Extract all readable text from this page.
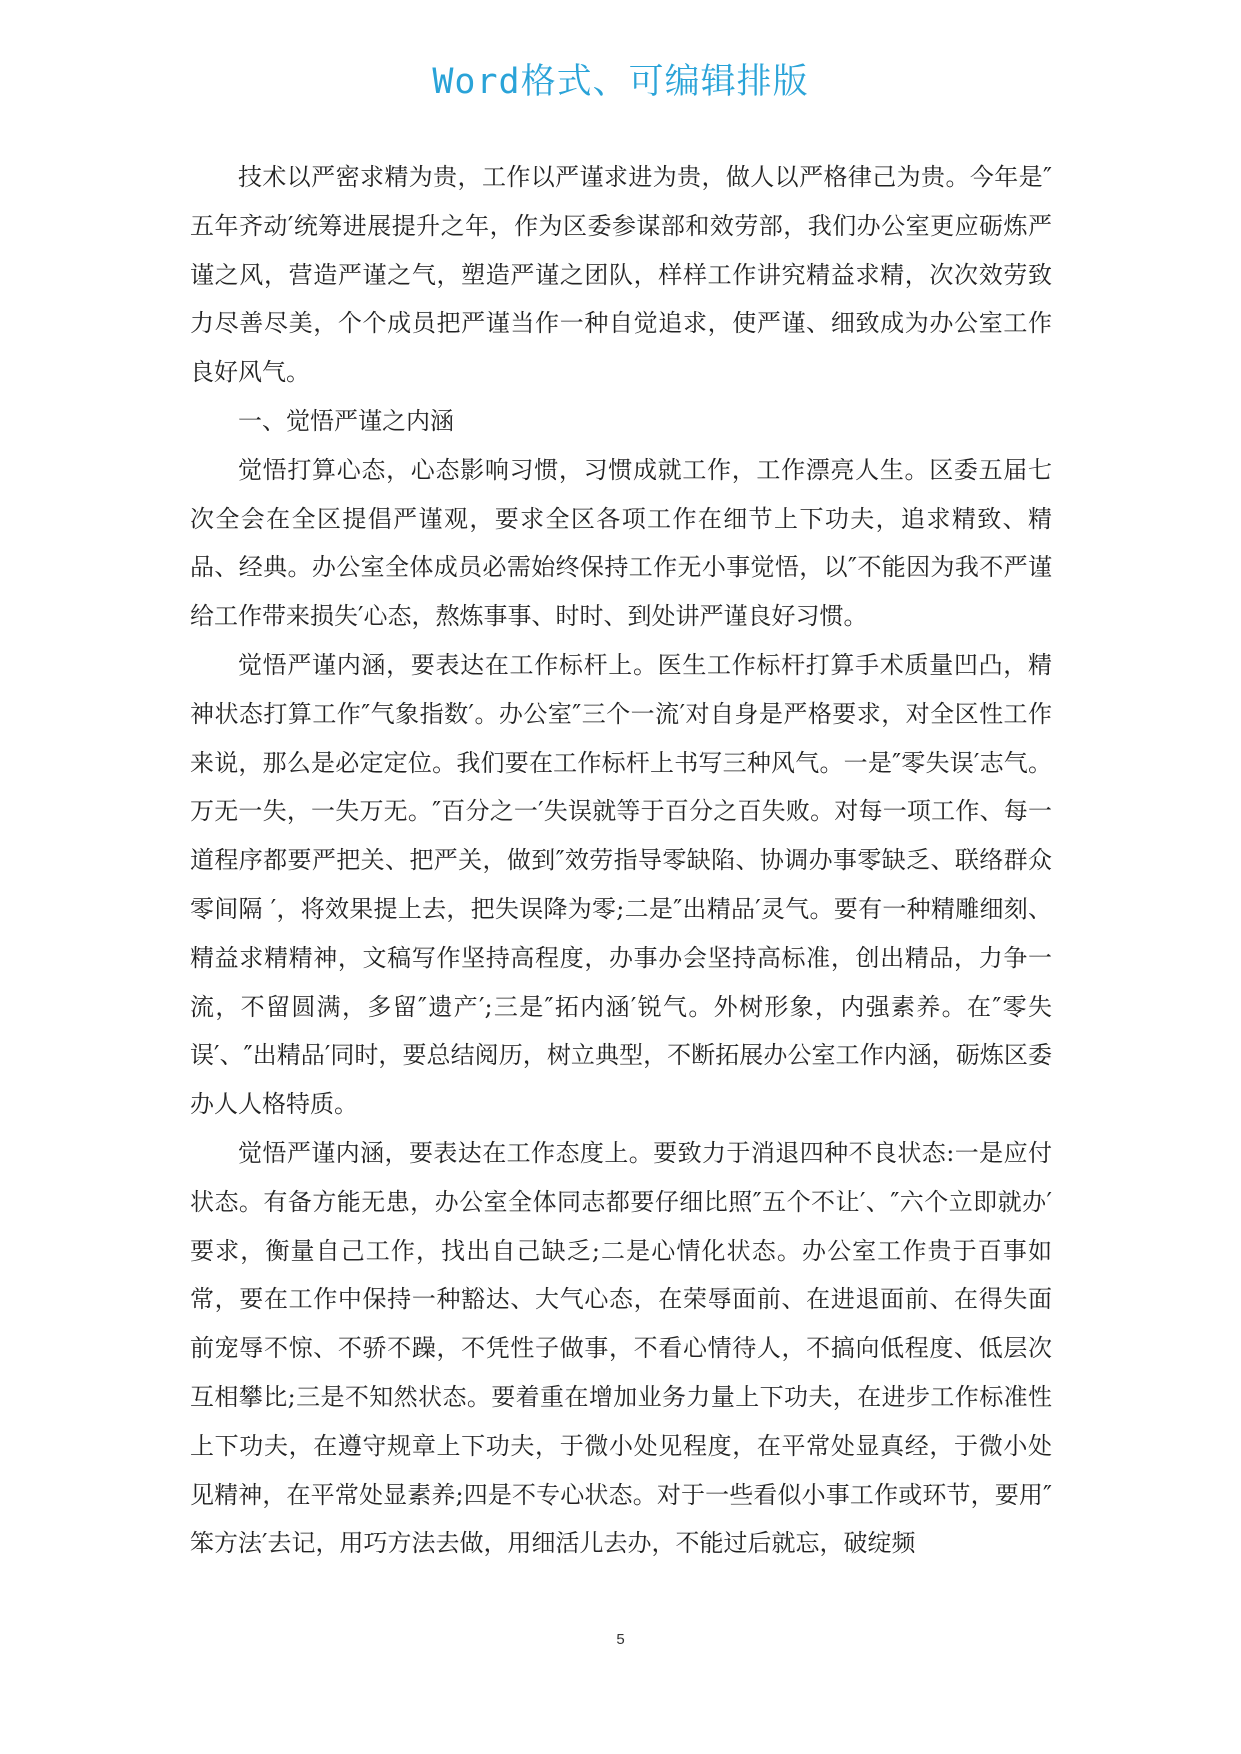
Word格式、可编辑排版

技术以严密求精为贵，工作以严谨求进为贵，做人以严格律己为贵。今年是″五年齐动′统筹进展提升之年，作为区委参谋部和效劳部，我们办公室更应砺炼严谨之风，营造严谨之气，塑造严谨之团队，样样工作讲究精益求精，次次效劳致力尽善尽美，个个成员把严谨当作一种自觉追求，使严谨、细致成为办公室工作良好风气。

一、觉悟严谨之内涵

觉悟打算心态，心态影响习惯，习惯成就工作，工作漂亮人生。区委五届七次全会在全区提倡严谨观，要求全区各项工作在细节上下功夫，追求精致、精品、经典。办公室全体成员必需始终保持工作无小事觉悟，以″不能因为我不严谨给工作带来损失′心态，熬炼事事、时时、到处讲严谨良好习惯。

觉悟严谨内涵，要表达在工作标杆上。医生工作标杆打算手术质量凹凸，精神状态打算工作″气象指数′。办公室″三个一流′对自身是严格要求，对全区性工作来说，那么是必定定位。我们要在工作标杆上书写三种风气。一是″零失误′志气。万无一失，一失万无。″百分之一′失误就等于百分之百失败。对每一项工作、每一道程序都要严把关、把严关，做到″效劳指导零缺陷、协调办事零缺乏、联络群众零间隔 ′，将效果提上去，把失误降为零;二是″出精品′灵气。要有一种精雕细刻、精益求精精神，文稿写作坚持高程度，办事办会坚持高标准，创出精品，力争一流，不留圆满，多留″遗产′;三是″拓内涵′锐气。外树形象，内强素养。在″零失误′、″出精品′同时，要总结阅历，树立典型，不断拓展办公室工作内涵，砺炼区委办人人格特质。

觉悟严谨内涵，要表达在工作态度上。要致力于消退四种不良状态:一是应付状态。有备方能无患，办公室全体同志都要仔细比照″五个不让′、″六个立即就办′要求，衡量自己工作，找出自己缺乏;二是心情化状态。办公室工作贵于百事如常，要在工作中保持一种豁达、大气心态，在荣辱面前、在进退面前、在得失面前宠辱不惊、不骄不躁，不凭性子做事，不看心情待人，不搞向低程度、低层次互相攀比;三是不知然状态。要着重在增加业务力量上下功夫，在进步工作标准性上下功夫，在遵守规章上下功夫，于微小处见程度，在平常处显真经，于微小处见精神，在平常处显素养;四是不专心状态。对于一些看似小事工作或环节，要用″笨方法′去记，用巧方法去做，用细活儿去办，不能过后就忘，破绽频

5
